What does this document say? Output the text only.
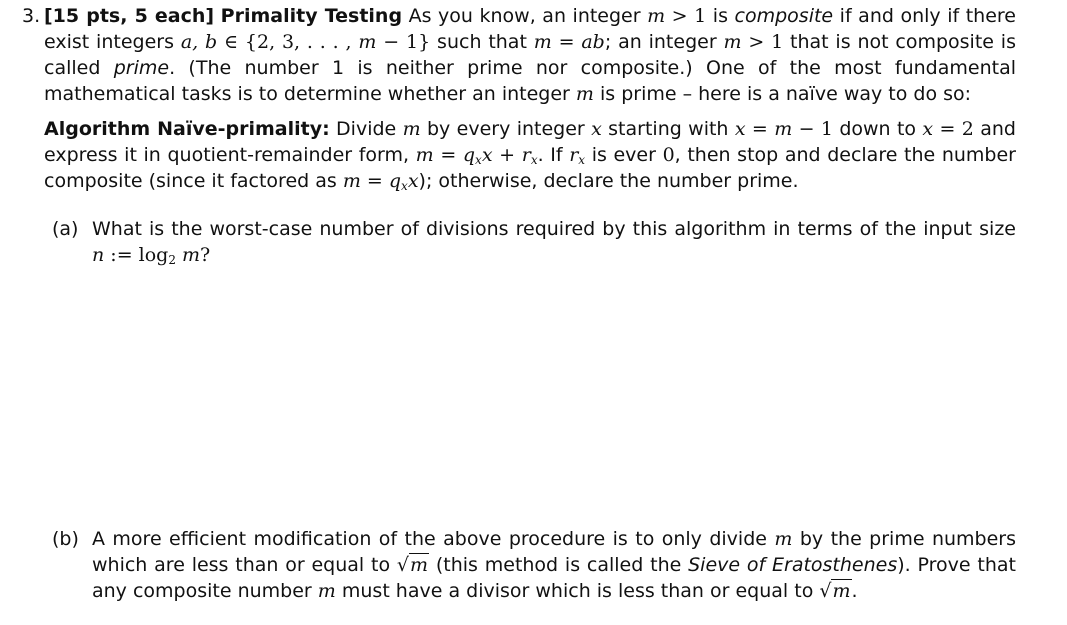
3. [15 pts, 5 each] Primality Testing As you know, an integer m > 1 is composite if and only if there exist integers a, b ∈ {2, 3, . . . , m − 1} such that m = ab; an integer m > 1 that is not composite is called prime. (The number 1 is neither prime nor composite.) One of the most fundamental mathematical tasks is to determine whether an integer m is prime – here is a naïve way to do so:
Algorithm Naïve-primality: Divide m by every integer x starting with x = m − 1 down to x = 2 and express it in quotient-remainder form, $m = q_xx + r_x$. If $r_x$ is ever 0, then stop and declare the number composite (since it factored as $m = q_xx$); otherwise, declare the number prime.
(a) What is the worst-case number of divisions required by this algorithm in terms of the input size n := $\log_2 m$?
(b) A more efficient modification of the above procedure is to only divide m by the prime numbers which are less than or equal to √m (this method is called the Sieve of Eratosthenes). Prove that any composite number m must have a divisor which is less than or equal to √m.
